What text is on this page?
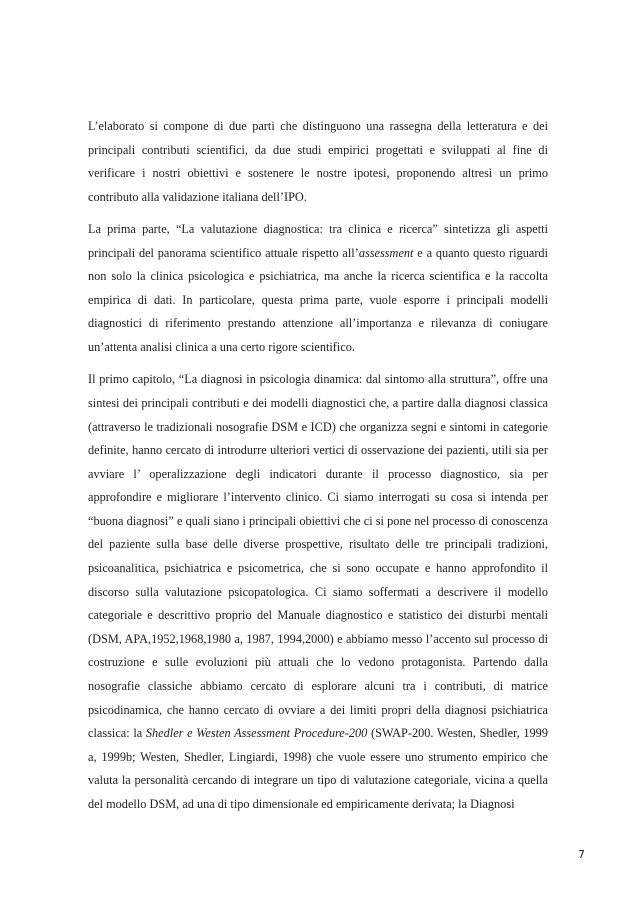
L’elaborato si compone di due parti che distinguono una rassegna della letteratura e dei principali contributi scientifici, da due studi empirici progettati e sviluppati al fine di verificare i nostri obiettivi e sostenere le nostre ipotesi, proponendo altresì un primo contributo alla validazione italiana dell’IPO.

La prima parte, “La valutazione diagnostica: tra clinica e ricerca” sintetizza gli aspetti principali del panorama scientifico attuale rispetto all’assessment e a quanto questo riguardi non solo la clinica psicologica e psichiatrica, ma anche la ricerca scientifica e la raccolta empirica di dati. In particolare, questa prima parte, vuole esporre i principali modelli diagnostici di riferimento prestando attenzione all’importanza e rilevanza di coniugare un’attenta analisi clinica a una certo rigore scientifico.

Il primo capitolo, “La diagnosi in psicologia dinamica: dal sintomo alla struttura”, offre una sintesi dei principali contributi e dei modelli diagnostici che, a partire dalla diagnosi classica (attraverso le tradizionali nosografie DSM e ICD) che organizza segni e sintomi in categorie definite, hanno cercato di introdurre ulteriori vertici di osservazione dei pazienti, utili sia per avviare l’ operalizzazione degli indicatori durante il processo diagnostico, sia per approfondire e migliorare l’intervento clinico. Ci siamo interrogati su cosa si intenda per “buona diagnosi” e quali siano i principali obiettivi che ci si pone nel processo di conoscenza del paziente sulla base delle diverse prospettive, risultato delle tre principali tradizioni, psicoanalitica, psichiatrica e psicometrica, che si sono occupate e hanno approfondito il discorso sulla valutazione psicopatologica. Ci siamo soffermati a descrivere il modello categoriale e descrittivo proprio del Manuale diagnostico e statistico dei disturbi mentali (DSM, APA,1952,1968,1980 a, 1987, 1994,2000) e abbiamo messo l’accento sul processo di costruzione e sulle evoluzioni più attuali che lo vedono protagonista. Partendo dalla nosografie classiche abbiamo cercato di esplorare alcuni tra i contributi, di matrice psicodinamica, che hanno cercato di ovviare a dei limiti propri della diagnosi psichiatrica classica: la Shedler e Westen Assessment Procedure-200 (SWAP-200. Westen, Shedler, 1999 a, 1999b; Westen, Shedler, Lingiardi, 1998) che vuole essere uno strumento empirico che valuta la personalità cercando di integrare un tipo di valutazione categoriale, vicina a quella del modello DSM, ad una di tipo dimensionale ed empiricamente derivata; la Diagnosi

7
